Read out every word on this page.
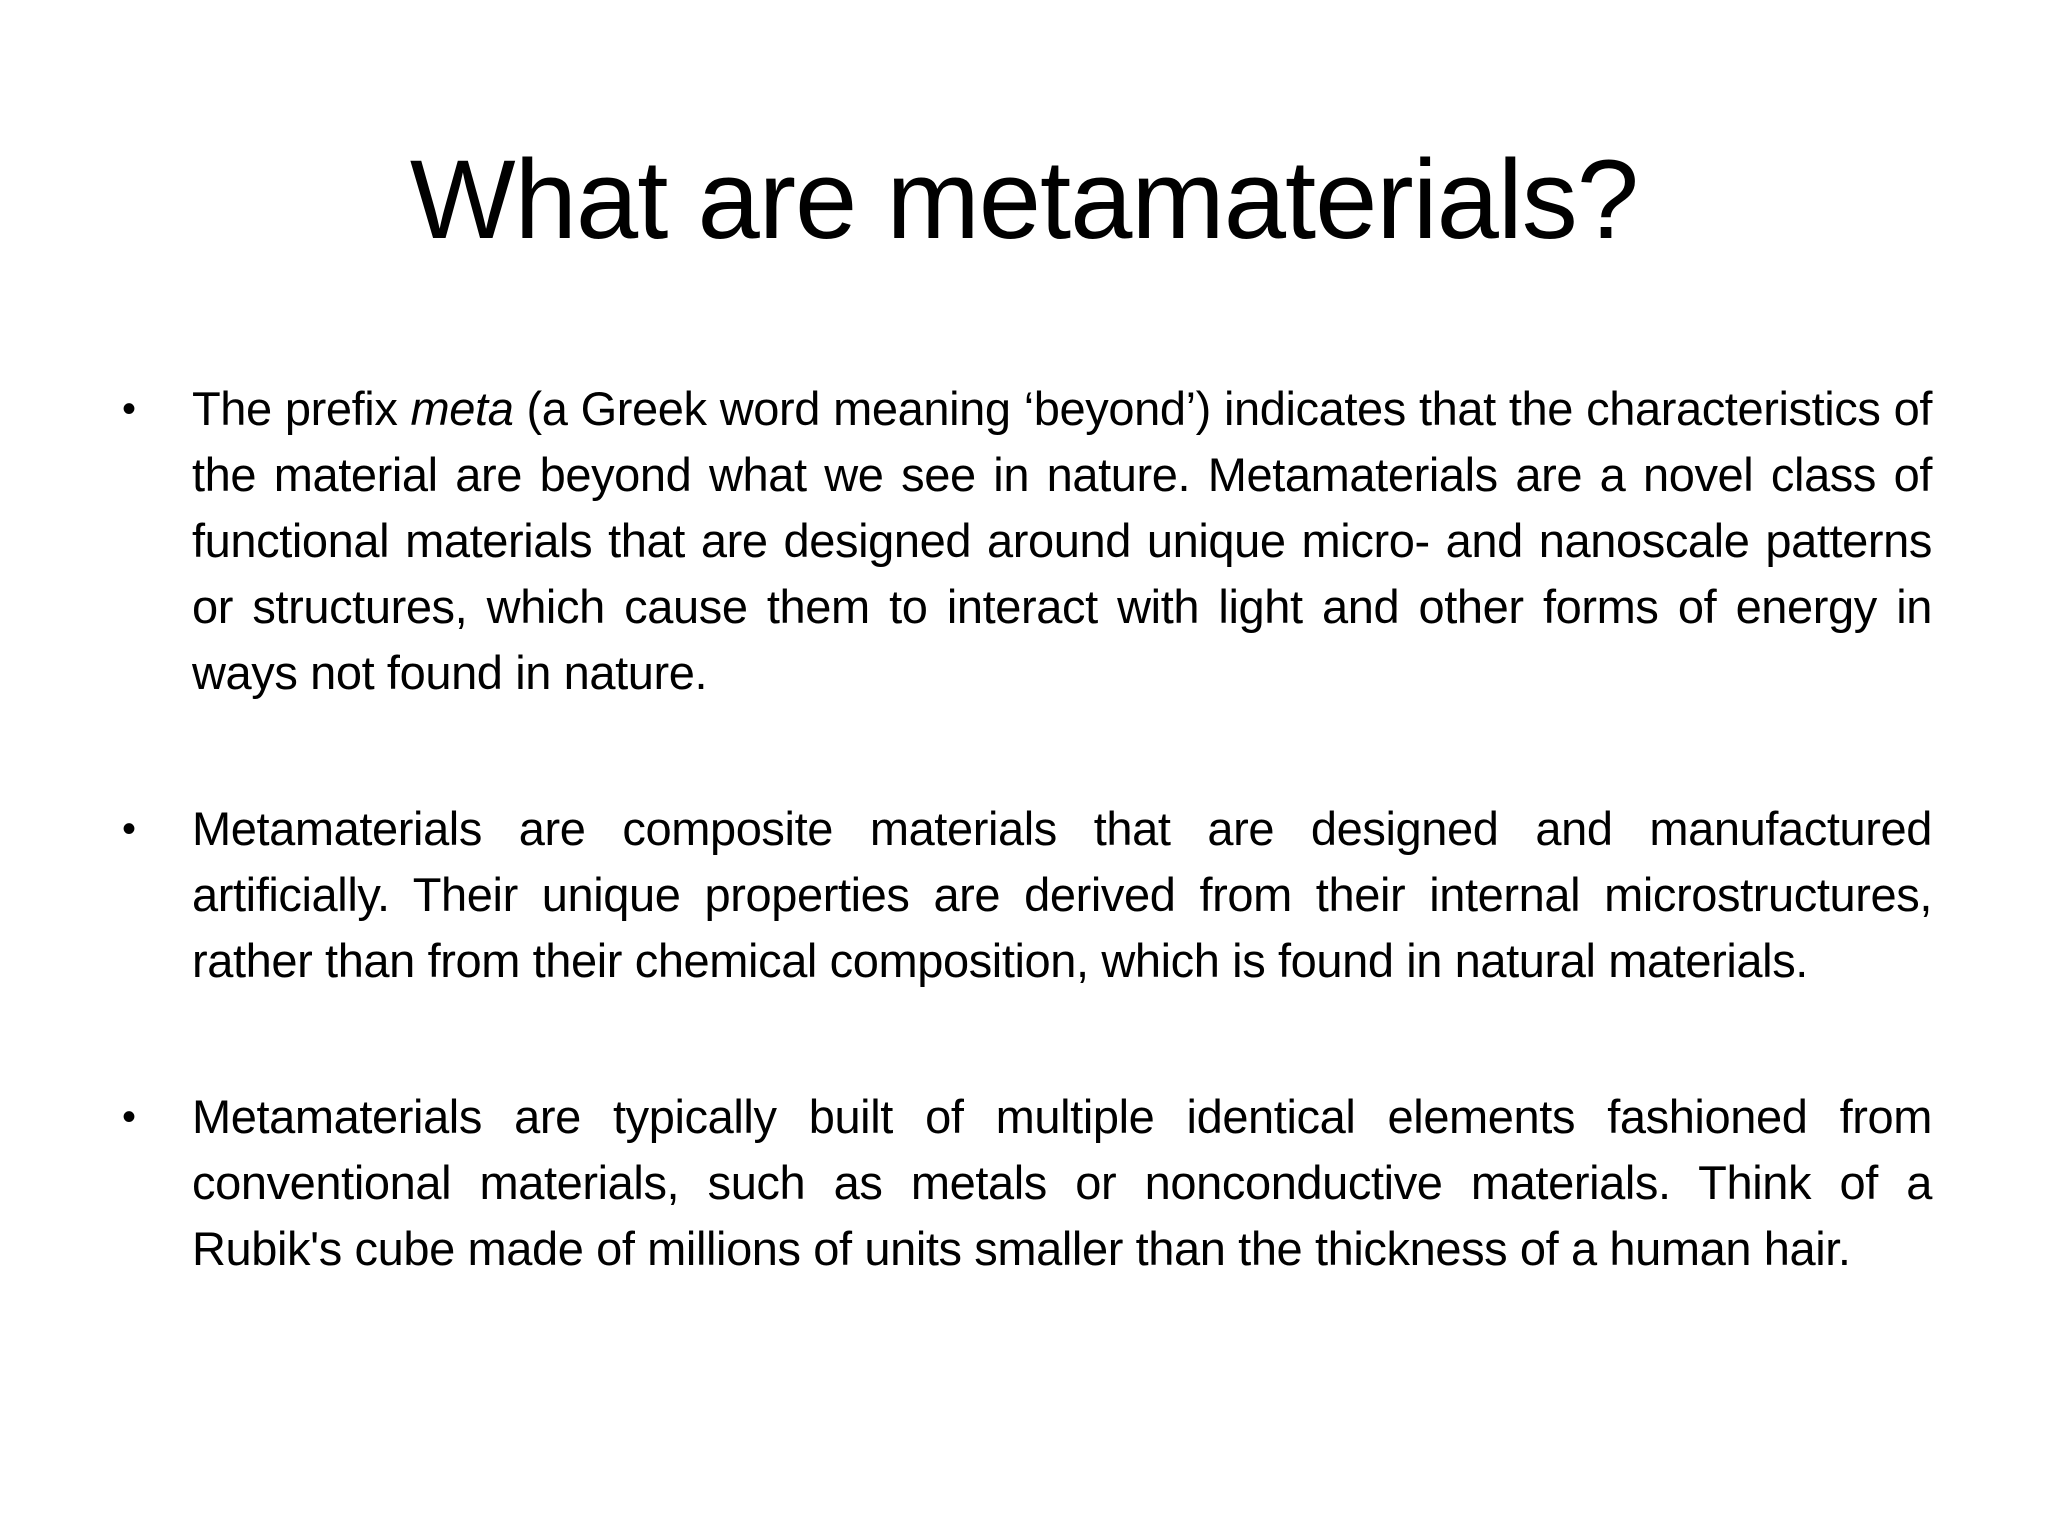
What are metamaterials?
• The prefix meta (a Greek word meaning ‘beyond’) indicates that the characteristics of the material are beyond what we see in nature. Metamaterials are a novel class of functional materials that are designed around unique micro- and nanoscale patterns or structures, which cause them to interact with light and other forms of energy in ways not found in nature.
• Metamaterials are composite materials that are designed and manufactured artificially. Their unique properties are derived from their internal microstructures, rather than from their chemical composition, which is found in natural materials.
• Metamaterials are typically built of multiple identical elements fashioned from conventional materials, such as metals or nonconductive materials. Think of a Rubik's cube made of millions of units smaller than the thickness of a human hair.
